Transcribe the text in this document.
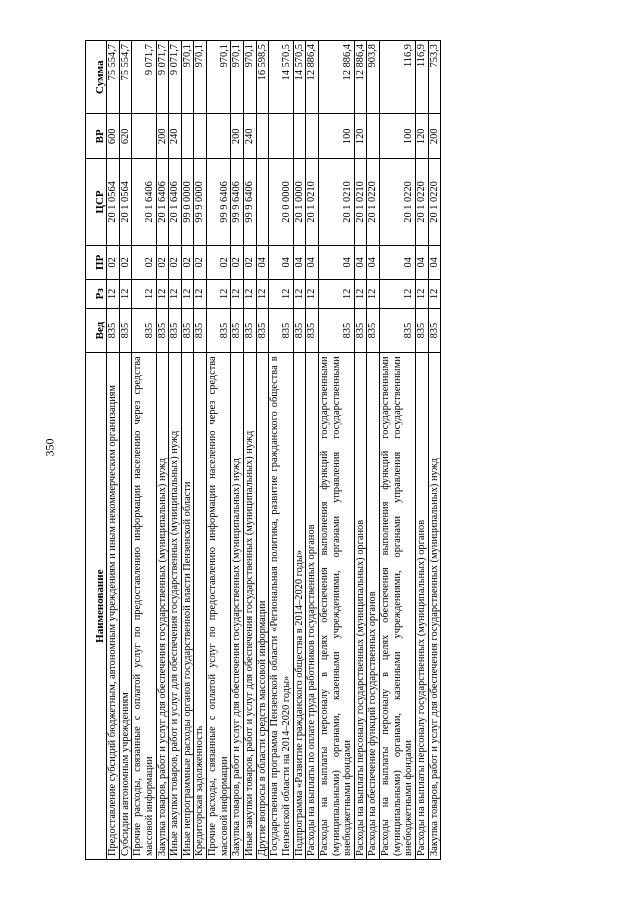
350
Наименование	Вед	Рз	ПР	ЦСР	ВР	Сумма
Предоставление субсидий бюджетным, автономным учреждениям и иным некоммерческим организациям	835	12	02	20 1 0564	600	75 554,7
Субсидии автономным учреждениям	835	12	02	20 1 0564	620	75 554,7
Прочие расходы, связанные с оплатой услуг по предоставлению информации населению через средства массовой информации	835	12	02	20 1 6406		9 071,7
Закупка товаров, работ и услуг для обеспечения государственных (муниципальных) нужд	835	12	02	20 1 6406	200	9 071,7
Иные закупки товаров, работ и услуг для обеспечения государственных (муниципальных) нужд	835	12	02	20 1 6406	240	9 071,7
Иные непрограммные расходы органов государственной власти Пензенской области	835	12	02	99 0 0000		970,1
Кредиторская задолженность	835	12	02	99 9 0000		970,1
Прочие расходы, связанные с оплатой услуг по предоставлению информации населению через средства массовой информации	835	12	02	99 9 6406		970,1
Закупка товаров, работ и услуг для обеспечения государственных (муниципальных) нужд	835	12	02	99 9 6406	200	970,1
Иные закупки товаров, работ и услуг для обеспечения государственных (муниципальных) нужд	835	12	02	99 9 6406	240	970,1
Другие вопросы в области средств массовой информации	835	12	04			16 598,5
Государственная программа Пензенской области «Региональная политика, развитие гражданского общества в Пензенской области на 2014–2020 годы»	835	12	04	20 0 0000		14 570,5
Подпрограмма «Развитие гражданского общества в 2014–2020 годы»	835	12	04	20 1 0000		14 570,5
Расходы на выплаты по оплате труда работников государственных органов	835	12	04	20 1 0210		12 886,4
Расходы на выплаты персоналу в целях обеспечения выполнения функций государственными (муниципальными) органами, казенными учреждениями, органами управления государственными внебюджетными фондами	835	12	04	20 1 0210	100	12 886,4
Расходы на выплаты персоналу государственных (муниципальных) органов	835	12	04	20 1 0210	120	12 886,4
Расходы на обеспечение функций государственных органов	835	12	04	20 1 0220		903,8
Расходы на выплаты персоналу в целях обеспечения выполнения функций государственными (муниципальными) органами, казенными учреждениями, органами управления государственными внебюджетными фондами	835	12	04	20 1 0220	100	116,9
Расходы на выплаты персоналу государственных (муниципальных) органов	835	12	04	20 1 0220	120	116,9
Закупка товаров, работ и услуг для обеспечения государственных (муниципальных) нужд	835	12	04	20 1 0220	200	753,3
